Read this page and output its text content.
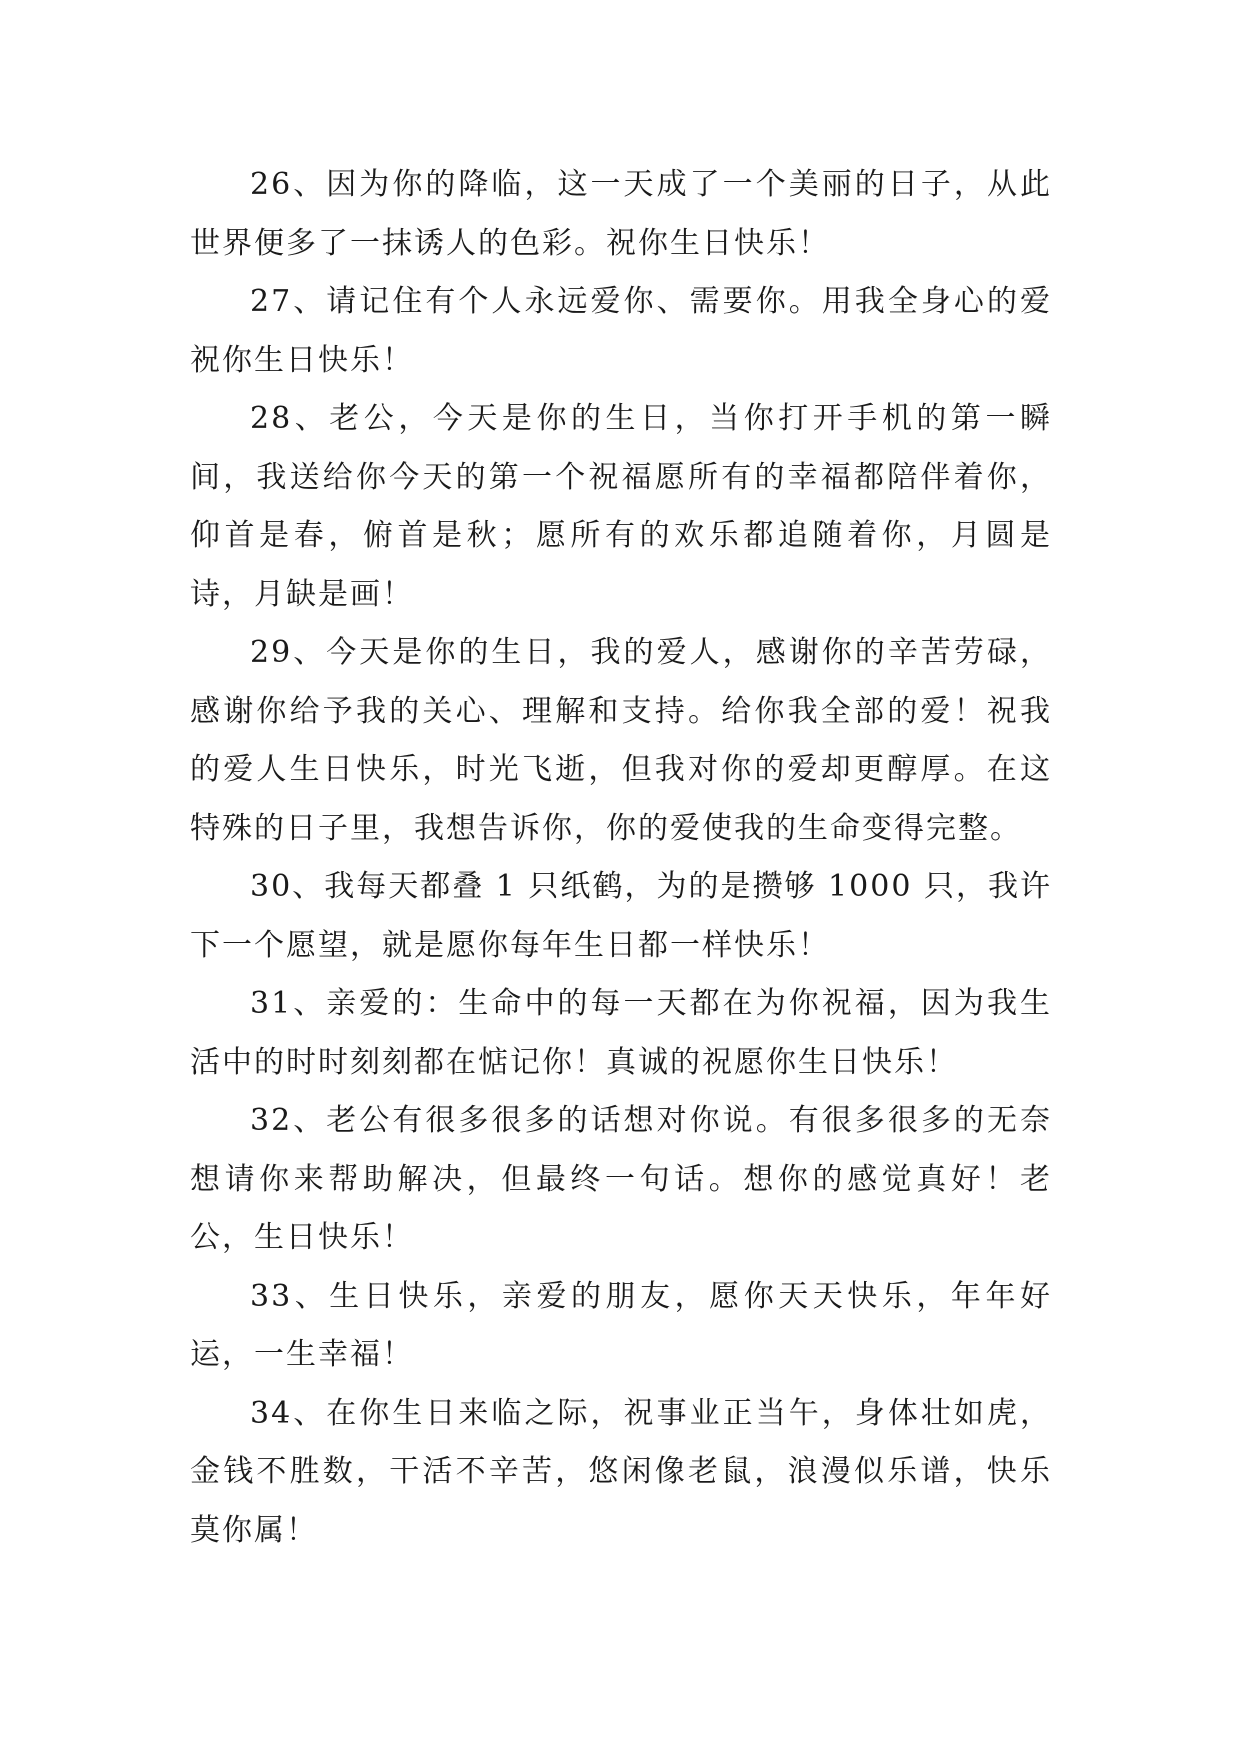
26、因为你的降临，这一天成了一个美丽的日子，从此世界便多了一抹诱人的色彩。祝你生日快乐！

27、请记住有个人永远爱你、需要你。用我全身心的爱祝你生日快乐！

28、老公，今天是你的生日，当你打开手机的第一瞬间，我送给你今天的第一个祝福愿所有的幸福都陪伴着你，仰首是春，俯首是秋；愿所有的欢乐都追随着你，月圆是诗，月缺是画！

29、今天是你的生日，我的爱人，感谢你的辛苦劳碌，感谢你给予我的关心、理解和支持。给你我全部的爱！祝我的爱人生日快乐，时光飞逝，但我对你的爱却更醇厚。在这特殊的日子里，我想告诉你，你的爱使我的生命变得完整。

30、我每天都叠 1 只纸鹤，为的是攒够 1000 只，我许下一个愿望，就是愿你每年生日都一样快乐！

31、亲爱的：生命中的每一天都在为你祝福，因为我生活中的时时刻刻都在惦记你！真诚的祝愿你生日快乐！

32、老公有很多很多的话想对你说。有很多很多的无奈想请你来帮助解决，但最终一句话。想你的感觉真好！老公，生日快乐！

33、生日快乐，亲爱的朋友，愿你天天快乐，年年好运，一生幸福！

34、在你生日来临之际，祝事业正当午，身体壮如虎，金钱不胜数，干活不辛苦，悠闲像老鼠，浪漫似乐谱，快乐莫你属！
